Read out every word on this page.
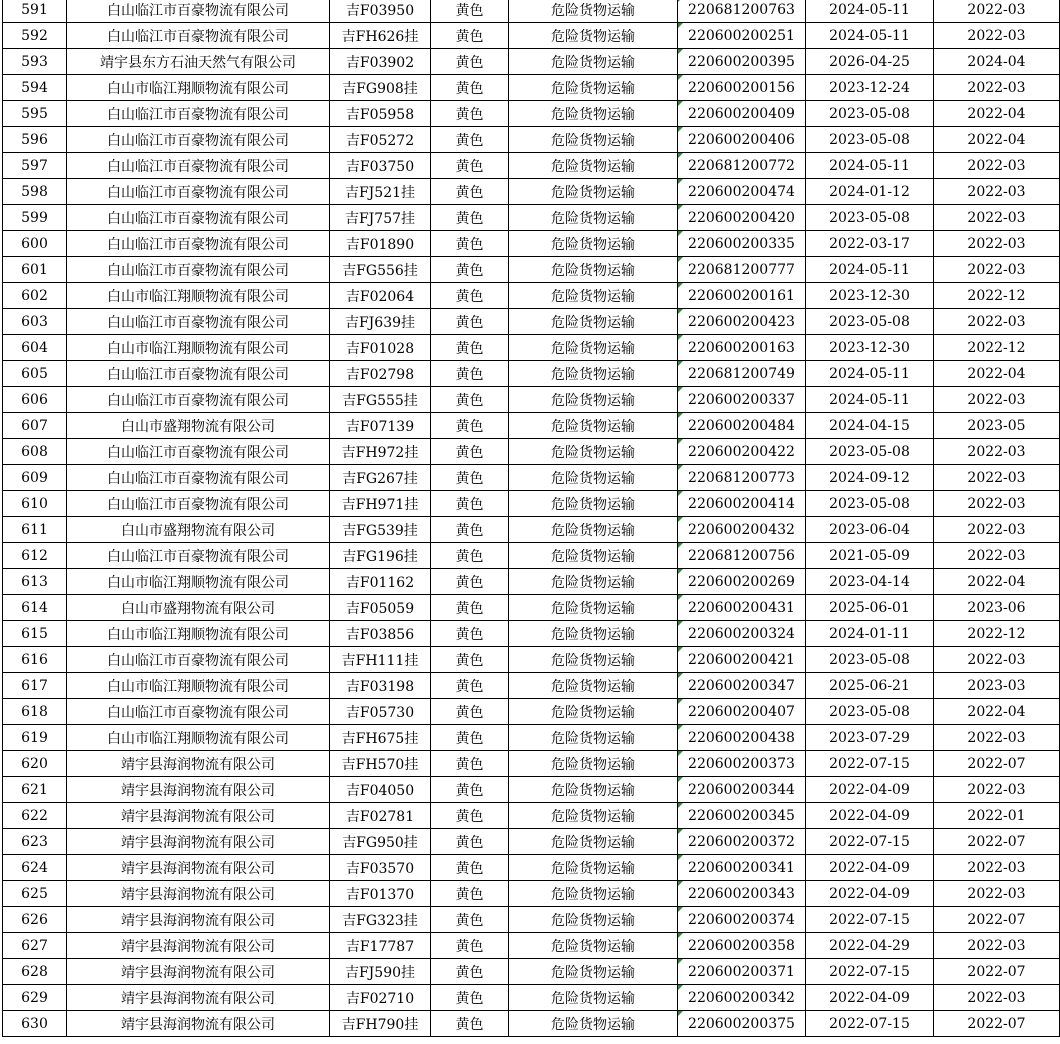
591	白山临江市百豪物流有限公司	吉F03950	黄色	危险货物运输	220681200763	2024-05-11	2022-03
592	白山临江市百豪物流有限公司	吉FH626挂	黄色	危险货物运输	220600200251	2024-05-11	2022-03
593	靖宇县东方石油天然气有限公司	吉F03902	黄色	危险货物运输	220600200395	2026-04-25	2024-04
594	白山市临江翔顺物流有限公司	吉FG908挂	黄色	危险货物运输	220600200156	2023-12-24	2022-03
595	白山临江市百豪物流有限公司	吉F05958	黄色	危险货物运输	220600200409	2023-05-08	2022-04
596	白山临江市百豪物流有限公司	吉F05272	黄色	危险货物运输	220600200406	2023-05-08	2022-04
597	白山临江市百豪物流有限公司	吉F03750	黄色	危险货物运输	220681200772	2024-05-11	2022-03
598	白山临江市百豪物流有限公司	吉FJ521挂	黄色	危险货物运输	220600200474	2024-01-12	2022-03
599	白山临江市百豪物流有限公司	吉FJ757挂	黄色	危险货物运输	220600200420	2023-05-08	2022-03
600	白山临江市百豪物流有限公司	吉F01890	黄色	危险货物运输	220600200335	2022-03-17	2022-03
601	白山临江市百豪物流有限公司	吉FG556挂	黄色	危险货物运输	220681200777	2024-05-11	2022-03
602	白山市临江翔顺物流有限公司	吉F02064	黄色	危险货物运输	220600200161	2023-12-30	2022-12
603	白山临江市百豪物流有限公司	吉FJ639挂	黄色	危险货物运输	220600200423	2023-05-08	2022-03
604	白山市临江翔顺物流有限公司	吉F01028	黄色	危险货物运输	220600200163	2023-12-30	2022-12
605	白山临江市百豪物流有限公司	吉F02798	黄色	危险货物运输	220681200749	2024-05-11	2022-04
606	白山临江市百豪物流有限公司	吉FG555挂	黄色	危险货物运输	220600200337	2024-05-11	2022-03
607	白山市盛翔物流有限公司	吉F07139	黄色	危险货物运输	220600200484	2024-04-15	2023-05
608	白山临江市百豪物流有限公司	吉FH972挂	黄色	危险货物运输	220600200422	2023-05-08	2022-03
609	白山临江市百豪物流有限公司	吉FG267挂	黄色	危险货物运输	220681200773	2024-09-12	2022-03
610	白山临江市百豪物流有限公司	吉FH971挂	黄色	危险货物运输	220600200414	2023-05-08	2022-03
611	白山市盛翔物流有限公司	吉FG539挂	黄色	危险货物运输	220600200432	2023-06-04	2022-03
612	白山临江市百豪物流有限公司	吉FG196挂	黄色	危险货物运输	220681200756	2021-05-09	2022-03
613	白山市临江翔顺物流有限公司	吉F01162	黄色	危险货物运输	220600200269	2023-04-14	2022-04
614	白山市盛翔物流有限公司	吉F05059	黄色	危险货物运输	220600200431	2025-06-01	2023-06
615	白山市临江翔顺物流有限公司	吉F03856	黄色	危险货物运输	220600200324	2024-01-11	2022-12
616	白山临江市百豪物流有限公司	吉FH111挂	黄色	危险货物运输	220600200421	2023-05-08	2022-03
617	白山市临江翔顺物流有限公司	吉F03198	黄色	危险货物运输	220600200347	2025-06-21	2023-03
618	白山临江市百豪物流有限公司	吉F05730	黄色	危险货物运输	220600200407	2023-05-08	2022-04
619	白山市临江翔顺物流有限公司	吉FH675挂	黄色	危险货物运输	220600200438	2023-07-29	2022-03
620	靖宇县海润物流有限公司	吉FH570挂	黄色	危险货物运输	220600200373	2022-07-15	2022-07
621	靖宇县海润物流有限公司	吉F04050	黄色	危险货物运输	220600200344	2022-04-09	2022-03
622	靖宇县海润物流有限公司	吉F02781	黄色	危险货物运输	220600200345	2022-04-09	2022-01
623	靖宇县海润物流有限公司	吉FG950挂	黄色	危险货物运输	220600200372	2022-07-15	2022-07
624	靖宇县海润物流有限公司	吉F03570	黄色	危险货物运输	220600200341	2022-04-09	2022-03
625	靖宇县海润物流有限公司	吉F01370	黄色	危险货物运输	220600200343	2022-04-09	2022-03
626	靖宇县海润物流有限公司	吉FG323挂	黄色	危险货物运输	220600200374	2022-07-15	2022-07
627	靖宇县海润物流有限公司	吉F17787	黄色	危险货物运输	220600200358	2022-04-29	2022-03
628	靖宇县海润物流有限公司	吉FJ590挂	黄色	危险货物运输	220600200371	2022-07-15	2022-07
629	靖宇县海润物流有限公司	吉F02710	黄色	危险货物运输	220600200342	2022-04-09	2022-03
630	靖宇县海润物流有限公司	吉FH790挂	黄色	危险货物运输	220600200375	2022-07-15	2022-07
